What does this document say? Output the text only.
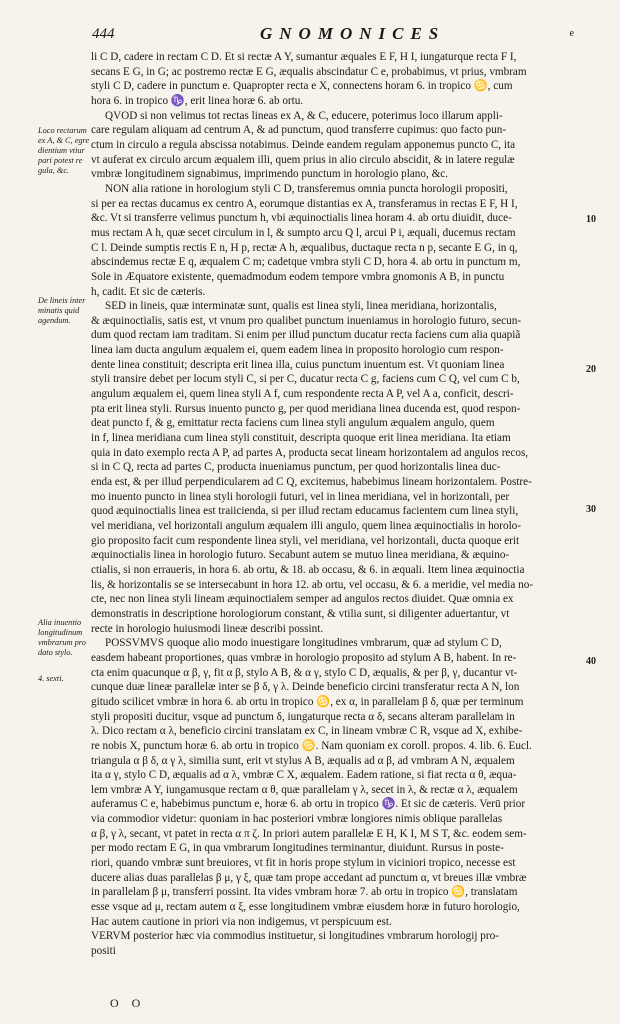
444	GNOMONICES	e
Loco rectarum ex A, & C, egre dientium vtiur pari potest re gula, &c.
De lineis inter minatis quid agendum.
Alia inuentio longitudinum vmbrarum pro dato stylo.
4. sexti.
10
20
30
40
li C D, cadere in rectam C D. Et si rectæ A Y, sumantur æquales E F, H I, iungaturque recta F I,
secans E G, in G; ac postremo rectæ E G, æqualis abscindatur C e, probabimus, vt prius, vmbram
styli C D, cadere in punctum e. Quapropter recta e X, connectens horam 6. in tropico ♋, cum
hora 6. in tropico ♑, erit linea horæ 6. ab ortu.
QVOD si non velimus tot rectas lineas ex A, & C, educere, poterimus loco illarum appli-
care regulam aliquam ad centrum A, & ad punctum, quod transferre cupimus: quo facto pun-
ctum in circulo a regula abscissa notabimus. Deinde eandem regulam apponemus puncto C, ita
vt auferat ex circulo arcum æqualem illi, quem prius in alio circulo abscidit, & in latere regulæ
vmbræ longitudinem signabimus, imprimendo punctum in horologio plano, &c.
NON alia ratione in horologium styli C D, transferemus omnia puncta horologii propositi,
si per ea rectas ducamus ex centro A, eorumque distantias ex A, transferamus in rectas E F, H I,
&c. Vt si transferre velimus punctum h, vbi æquinoctialis linea horam 4. ab ortu diuidit, duce-
mus rectam A h, quæ secet circulum in l, & sumpto arcu Q l, arcui P i, æquali, ducemus rectam
C l. Deinde sumptis rectis E n, H p, rectæ A h, æqualibus, ductaque recta n p, secante E G, in q,
abscindemus rectæ E q, æqualem C m; cadetque vmbra styli C D, hora 4. ab ortu in punctum m,
Sole in Æquatore existente, quemadmodum eodem tempore vmbra gnomonis A B, in punctu
h, cadit. Et sic de cæteris.
SED in lineis, quæ interminatæ sunt, qualis est linea styli, linea meridiana, horizontalis,
& æquinoctialis, satis est, vt vnum pro qualibet punctum inueniamus in horologio futuro, secun-
dum quod rectam iam traditam. Si enim per illud punctum ducatur recta faciens cum alia quapiã
linea iam ducta angulum æqualem ei, quem eadem linea in proposito horologio cum respon-
dente linea constituit; descripta erit linea illa, cuius punctum inuentum est. Vt quoniam linea
styli transire debet per locum styli C, si per C, ducatur recta C g, faciens cum C Q, vel cum C b,
angulum æqualem ei, quem linea styli A f, cum respondente recta A P, vel A a, conficit, descri-
pta erit linea styli. Rursus inuento puncto g, per quod meridiana linea ducenda est, quod respon-
deat puncto f, & g, emittatur recta faciens cum linea styli angulum æqualem angulo, quem
in f, linea meridiana cum linea styli constituit, descripta quoque erit linea meridiana. Ita etiam
quia in dato exemplo recta A P, ad partes A, producta secat lineam horizontalem ad angulos recos,
si in C Q, recta ad partes C, producta inueniamus punctum, per quod horizontalis linea duc-
enda est, & per illud perpendicularem ad C Q, excitemus, habebimus lineam horizontalem. Postre-
mo inuento puncto in linea styli horologii futuri, vel in linea meridiana, vel in horizontali, per
quod æquinoctialis linea est traiicienda, si per illud rectam educamus facientem cum linea styli,
vel meridiana, vel horizontali angulum æqualem illi angulo, quem linea æquinoctialis in horolo-
gio proposito facit cum respondente linea styli, vel meridiana, vel horizontali, ducta quoque erit
æquinoctialis linea in horologio futuro. Secabunt autem se mutuo linea meridiana, & æquino-
ctialis, si non erraueris, in hora 6. ab ortu, & 18. ab occasu, & 6. in æquali. Item linea æquinoctia
lis, & horizontalis se se intersecabunt in hora 12. ab ortu, vel occasu, & 6. a meridie, vel media no-
cte, nec non linea styli lineam æquinoctialem semper ad angulos rectos diuidet. Quæ omnia ex
demonstratis in descriptione horologiorum constant, & vtilia sunt, si diligenter aduertantur, vt
recte in horologio huiusmodi lineæ describi possint.
POSSVMVS quoque alio modo inuestigare longitudines vmbrarum, quæ ad stylum C D,
easdem habeant proportiones, quas vmbræ in horologio proposito ad stylum A B, habent. In re-
cta enim quacunque α β, γ, fit α β, stylo A B, & α γ, stylo C D, æqualis, & per β, γ, ducantur vt-
cunque duæ lineæ parallelæ inter se β δ, γ λ. Deinde beneficio circini transferatur recta A N, lon
gitudo scilicet vmbræ in hora 6. ab ortu in tropico ♋, ex α, in parallelam β δ, quæ per terminum
styli propositi ducitur, vsque ad punctum δ, iungaturque recta α δ, secans alteram parallelam in
λ. Dico rectam α λ, beneficio circini translatam ex C, in lineam vmbræ C R, vsque ad X, exhibe-
re nobis X, punctum horæ 6. ab ortu in tropico ♋. Nam quoniam ex coroll. propos. 4. lib. 6. Eucl.
triangula α β δ, α γ λ, similia sunt, erit vt stylus A B, æqualis ad α β, ad vmbram A N, æqualem
ita α γ, stylo C D, æqualis ad α λ, vmbræ C X, æqualem. Eadem ratione, si fiat recta α θ, æqua-
lem vmbræ A Y, iungamusque rectam α θ, quæ parallelam γ λ, secet in λ, & rectæ α λ, æqualem
auferamus C e, habebimus punctum e, horæ 6. ab ortu in tropico ♑. Et sic de cæteris. Verū prior
via commodior videtur: quoniam in hac posteriori vmbræ longiores nimis oblique parallelas
α β, γ λ, secant, vt patet in recta α π ζ. In priori autem parallelæ E H, K I, M S T, &c. eodem sem-
per modo rectam E G, in qua vmbrarum longitudines terminantur, diuidunt. Rursus in poste-
riori, quando vmbræ sunt breuiores, vt fit in horis prope stylum in viciniori tropico, necesse est
ducere alias duas parallelas β μ, γ ξ, quæ tam prope accedant ad punctum α, vt breues illæ vmbræ
in parallelam β μ, transferri possint. Ita vides vmbram horæ 7. ab ortu in tropico ♋, translatam
esse vsque ad μ, rectam autem α ξ, esse longitudinem vmbræ eiusdem horæ in futuro horologio,
Hac autem cautione in priori via non indigemus, vt perspicuum est.
VERVM posterior hæc via commodius instituetur, si longitudines vmbrarum horologij pro-
positi
O O
